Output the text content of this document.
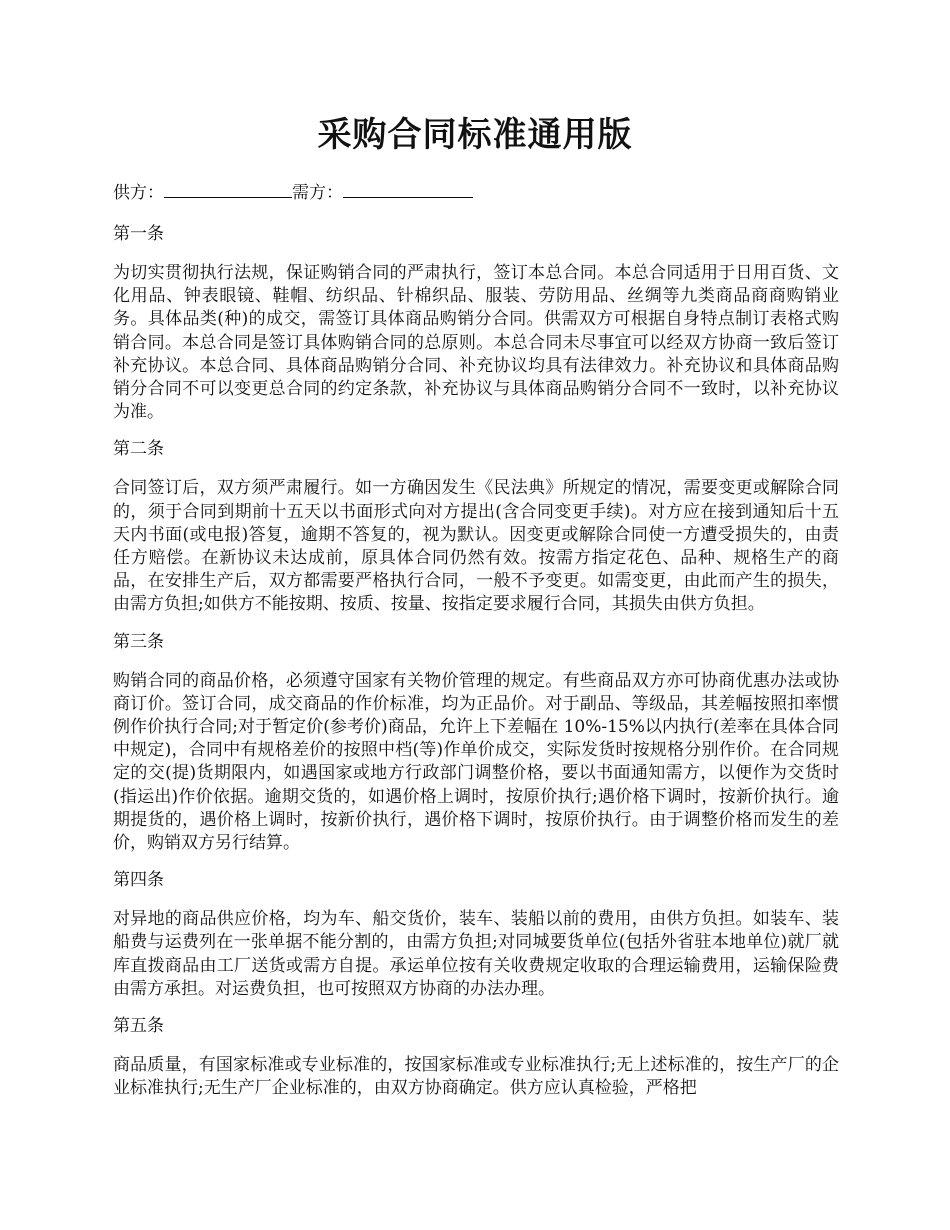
采购合同标准通用版
供方：	需方：

第一条

为切实贯彻执行法规，保证购销合同的严肃执行，签订本总合同。本总合同适用于日用百货、文化用品、钟表眼镜、鞋帽、纺织品、针棉织品、服装、劳防用品、丝绸等九类商品商商购销业务。具体品类(种)的成交，需签订具体商品购销分合同。供需双方可根据自身特点制订表格式购销合同。本总合同是签订具体购销合同的总原则。本总合同未尽事宜可以经双方协商一致后签订补充协议。本总合同、具体商品购销分合同、补充协议均具有法律效力。补充协议和具体商品购销分合同不可以变更总合同的约定条款，补充协议与具体商品购销分合同不一致时，以补充协议为准。

第二条

合同签订后，双方须严肃履行。如一方确因发生《民法典》所规定的情况，需要变更或解除合同的，须于合同到期前十五天以书面形式向对方提出(含合同变更手续)。对方应在接到通知后十五天内书面(或电报)答复，逾期不答复的，视为默认。因变更或解除合同使一方遭受损失的，由责任方赔偿。在新协议未达成前，原具体合同仍然有效。按需方指定花色、品种、规格生产的商品，在安排生产后，双方都需要严格执行合同，一般不予变更。如需变更，由此而产生的损失，由需方负担;如供方不能按期、按质、按量、按指定要求履行合同，其损失由供方负担。

第三条

购销合同的商品价格，必须遵守国家有关物价管理的规定。有些商品双方亦可协商优惠办法或协商订价。签订合同，成交商品的作价标准，均为正品价。对于副品、等级品，其差幅按照扣率惯例作价执行合同;对于暂定价(参考价)商品，允许上下差幅在 10%-15%以内执行(差率在具体合同中规定)，合同中有规格差价的按照中档(等)作单价成交，实际发货时按规格分别作价。在合同规定的交(提)货期限内，如遇国家或地方行政部门调整价格，要以书面通知需方，以便作为交货时(指运出)作价依据。逾期交货的，如遇价格上调时，按原价执行;遇价格下调时，按新价执行。逾期提货的，遇价格上调时，按新价执行，遇价格下调时，按原价执行。由于调整价格而发生的差价，购销双方另行结算。

第四条

对异地的商品供应价格，均为车、船交货价，装车、装船以前的费用，由供方负担。如装车、装船费与运费列在一张单据不能分割的，由需方负担;对同城要货单位(包括外省驻本地单位)就厂就库直拨商品由工厂送货或需方自提。承运单位按有关收费规定收取的合理运输费用，运输保险费由需方承担。对运费负担，也可按照双方协商的办法办理。

第五条

商品质量，有国家标准或专业标准的，按国家标准或专业标准执行;无上述标准的，按生产厂的企业标准执行;无生产厂企业标准的，由双方协商确定。供方应认真检验，严格把
